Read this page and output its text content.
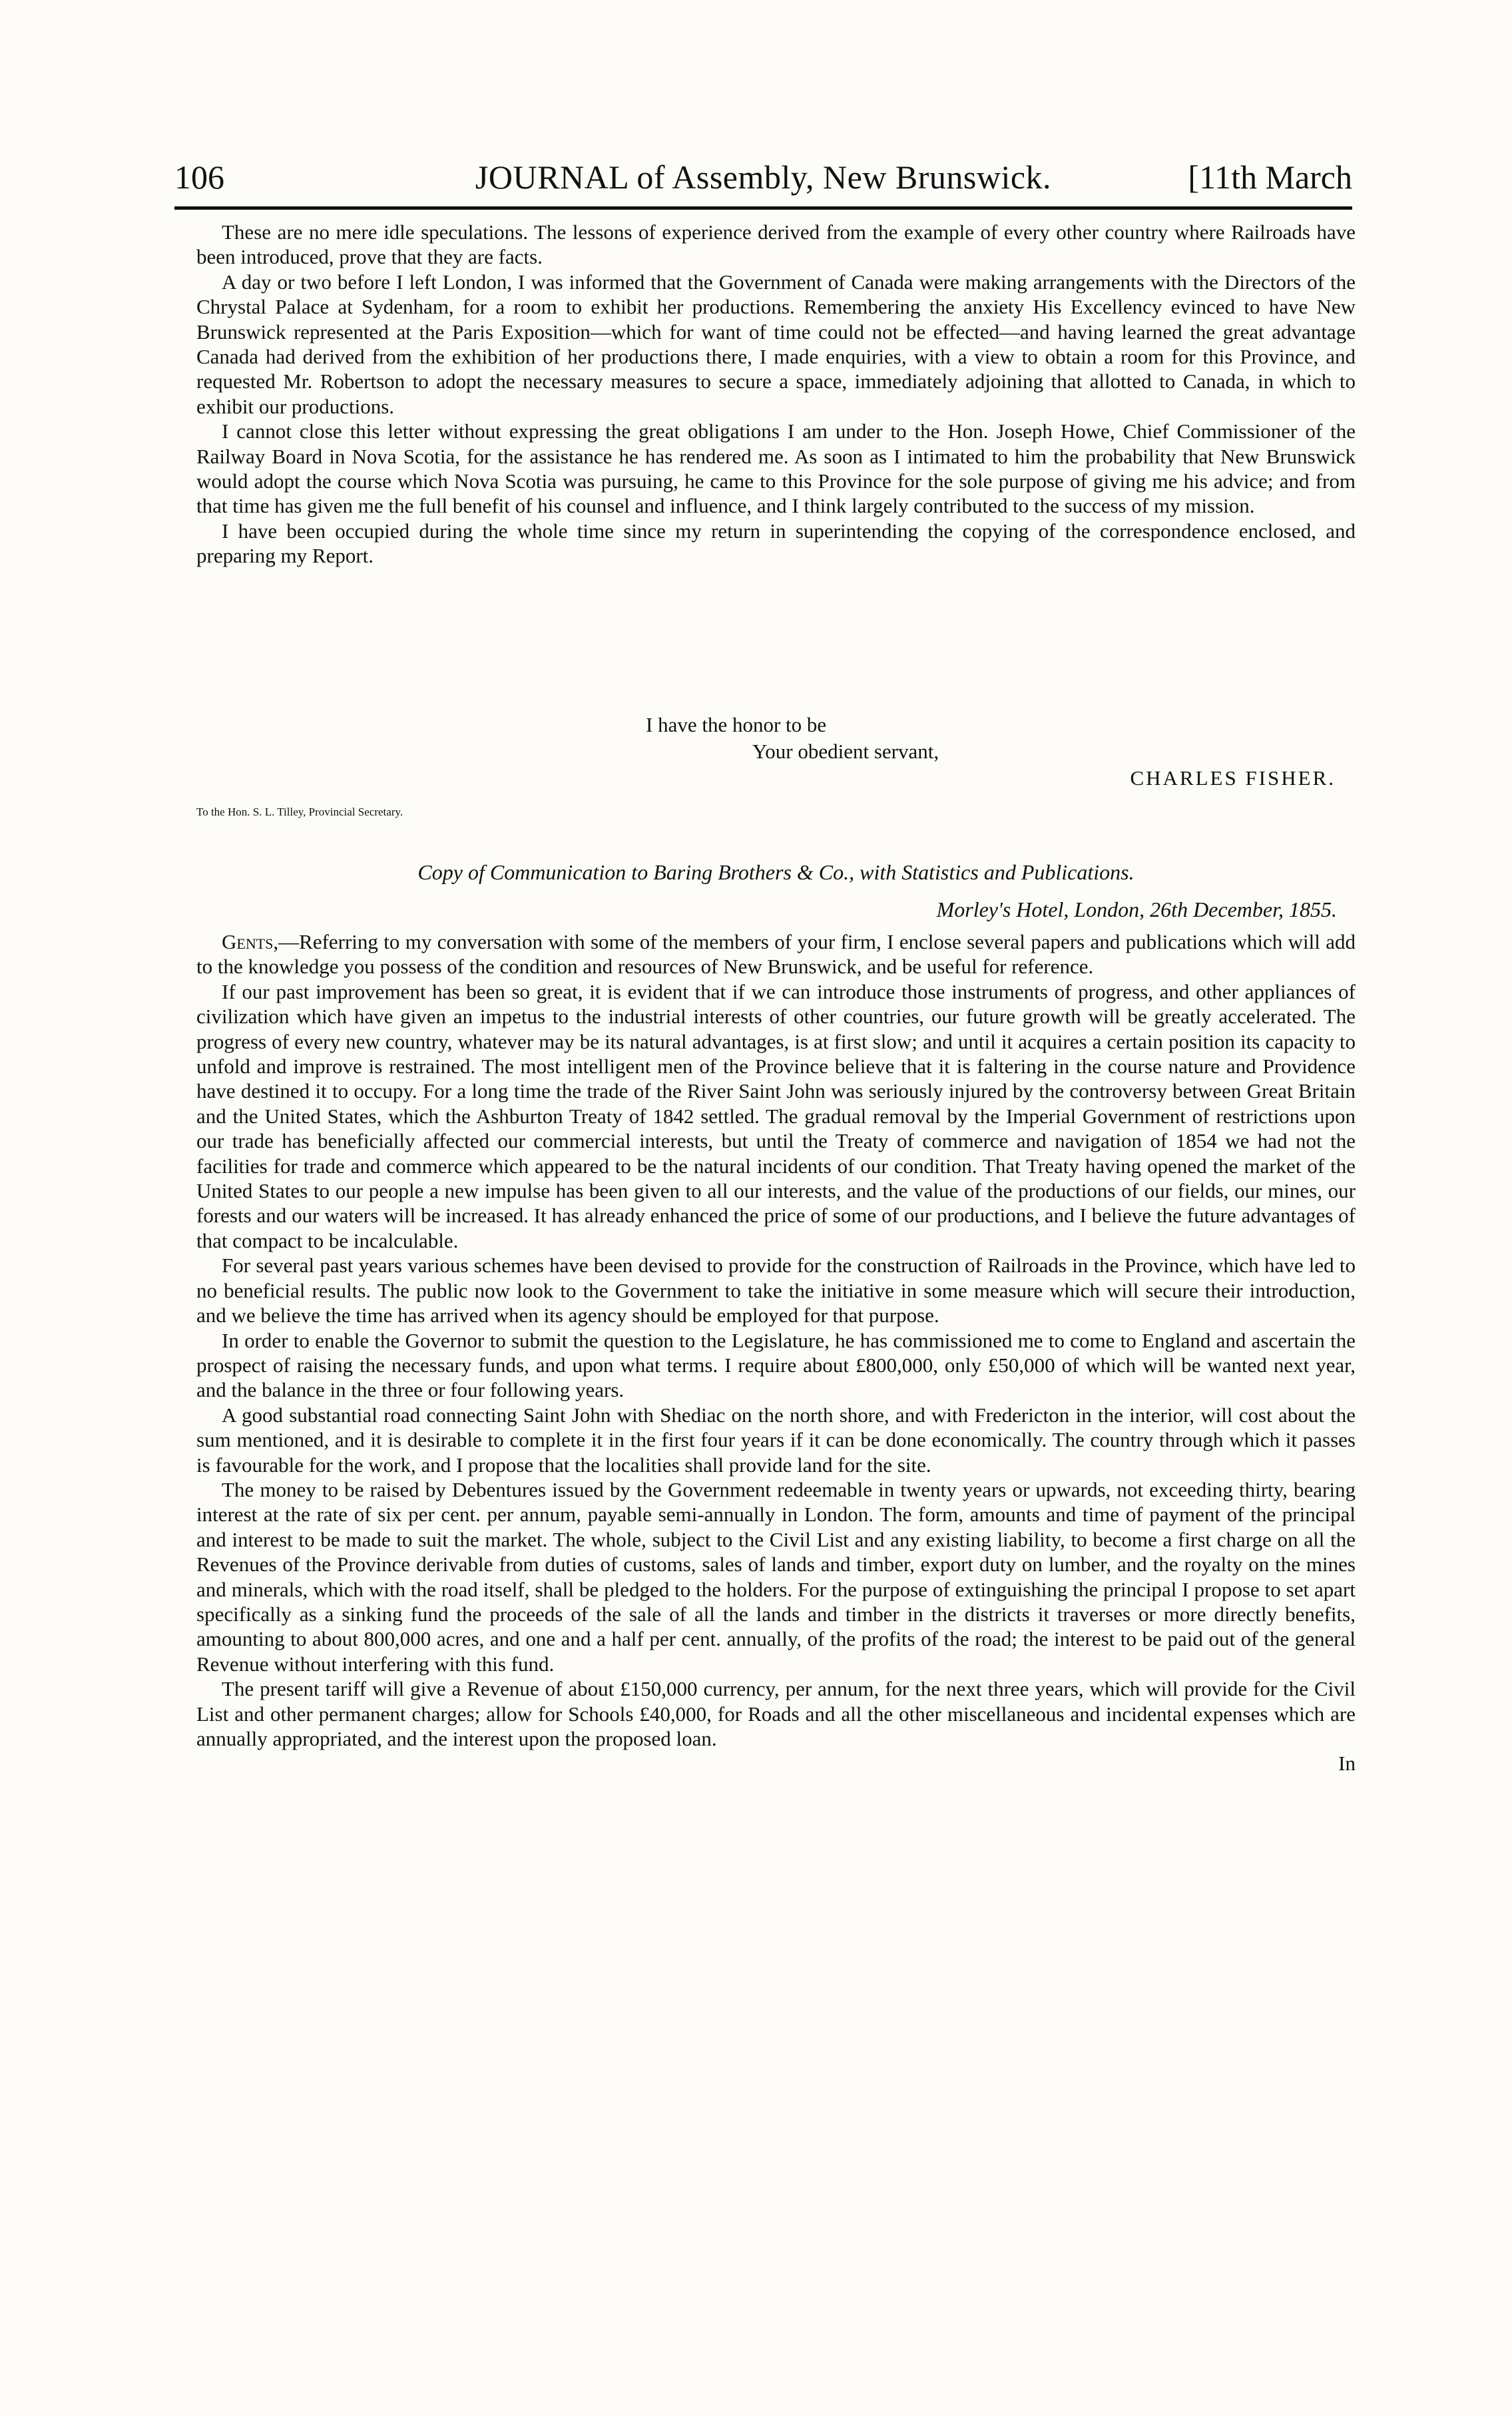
106	JOURNAL of Assembly, New Brunswick.	[11th March

These are no mere idle speculations. The lessons of experience derived from the example of every other country where Railroads have been introduced, prove that they are facts.

A day or two before I left London, I was informed that the Government of Canada were making arrangements with the Directors of the Chrystal Palace at Sydenham, for a room to exhibit her productions. Remembering the anxiety His Excellency evinced to have New Brunswick represented at the Paris Exposition—which for want of time could not be effected—and having learned the great advantage Canada had derived from the exhibition of her productions there, I made enquiries, with a view to obtain a room for this Province, and requested Mr. Robertson to adopt the necessary measures to secure a space, immediately adjoining that allotted to Canada, in which to exhibit our productions.

I cannot close this letter without expressing the great obligations I am under to the Hon. Joseph Howe, Chief Commissioner of the Railway Board in Nova Scotia, for the assistance he has rendered me. As soon as I intimated to him the probability that New Brunswick would adopt the course which Nova Scotia was pursuing, he came to this Province for the sole purpose of giving me his advice; and from that time has given me the full benefit of his counsel and influence, and I think largely contributed to the success of my mission.

I have been occupied during the whole time since my return in superintending the copying of the correspondence enclosed, and preparing my Report.

I have the honor to be
Your obedient servant,
CHARLES FISHER.
To the Hon. S. L. Tilley, Provincial Secretary.
Copy of Communication to Baring Brothers & Co., with Statistics and Publications.
Morley's Hotel, London, 26th December, 1855.

Gents,—Referring to my conversation with some of the members of your firm, I enclose several papers and publications which will add to the knowledge you possess of the condition and resources of New Brunswick, and be useful for reference.

If our past improvement has been so great, it is evident that if we can introduce those instruments of progress, and other appliances of civilization which have given an impetus to the industrial interests of other countries, our future growth will be greatly accelerated. The progress of every new country, whatever may be its natural advantages, is at first slow; and until it acquires a certain position its capacity to unfold and improve is restrained. The most intelligent men of the Province believe that it is faltering in the course nature and Providence have destined it to occupy. For a long time the trade of the River Saint John was seriously injured by the controversy between Great Britain and the United States, which the Ashburton Treaty of 1842 settled. The gradual removal by the Imperial Government of restrictions upon our trade has beneficially affected our commercial interests, but until the Treaty of commerce and navigation of 1854 we had not the facilities for trade and commerce which appeared to be the natural incidents of our condition. That Treaty having opened the market of the United States to our people a new impulse has been given to all our interests, and the value of the productions of our fields, our mines, our forests and our waters will be increased. It has already enhanced the price of some of our productions, and I believe the future advantages of that compact to be incalculable.

For several past years various schemes have been devised to provide for the construction of Railroads in the Province, which have led to no beneficial results. The public now look to the Government to take the initiative in some measure which will secure their introduction, and we believe the time has arrived when its agency should be employed for that purpose.

In order to enable the Governor to submit the question to the Legislature, he has commissioned me to come to England and ascertain the prospect of raising the necessary funds, and upon what terms. I require about £800,000, only £50,000 of which will be wanted next year, and the balance in the three or four following years.

A good substantial road connecting Saint John with Shediac on the north shore, and with Fredericton in the interior, will cost about the sum mentioned, and it is desirable to complete it in the first four years if it can be done economically. The country through which it passes is favourable for the work, and I propose that the localities shall provide land for the site.

The money to be raised by Debentures issued by the Government redeemable in twenty years or upwards, not exceeding thirty, bearing interest at the rate of six per cent. per annum, payable semi-annually in London. The form, amounts and time of payment of the principal and interest to be made to suit the market. The whole, subject to the Civil List and any existing liability, to become a first charge on all the Revenues of the Province derivable from duties of customs, sales of lands and timber, export duty on lumber, and the royalty on the mines and minerals, which with the road itself, shall be pledged to the holders. For the purpose of extinguishing the principal I propose to set apart specifically as a sinking fund the proceeds of the sale of all the lands and timber in the districts it traverses or more directly benefits, amounting to about 800,000 acres, and one and a half per cent. annually, of the profits of the road; the interest to be paid out of the general Revenue without interfering with this fund.

The present tariff will give a Revenue of about £150,000 currency, per annum, for the next three years, which will provide for the Civil List and other permanent charges; allow for Schools £40,000, for Roads and all the other miscellaneous and incidental expenses which are annually appropriated, and the interest upon the proposed loan.

In
